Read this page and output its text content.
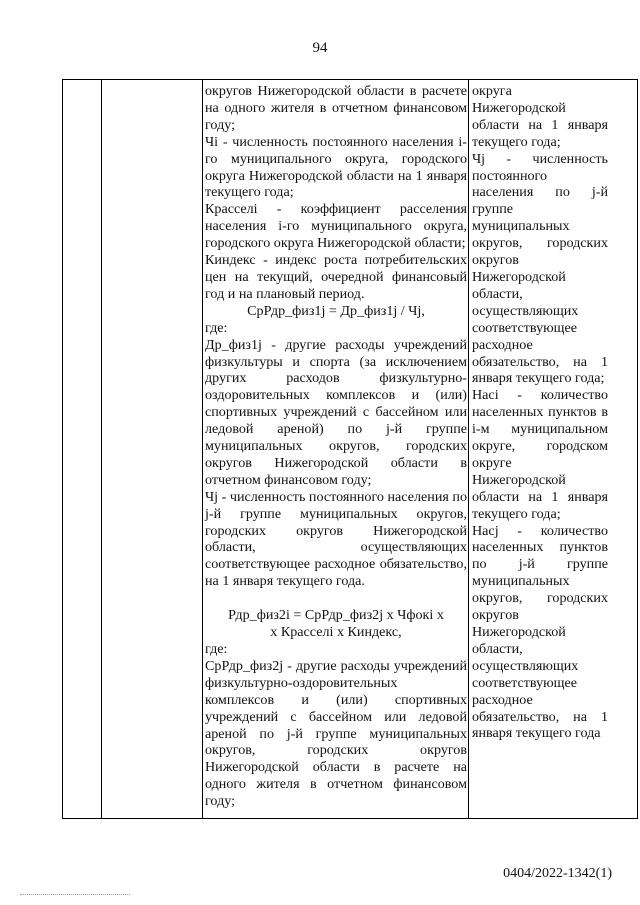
94

округов Нижегородской области в расчете на одного жителя в отчетном финансовом году;

Чi - численность постоянного населения i-го муниципального округа, городского округа Нижегородской области на 1 января текущего года;

Красселi - коэффициент расселения населения i-го муниципального округа, городского округа Нижегородской области;

Киндекс - индекс роста потребительских цен на текущий, очередной финансовый год и на плановый период.

СрРдр_физ1j = Др_физ1j / Чj,

где:

Др_физ1j - другие расходы учреждений физкультуры и спорта (за исключением других расходов физкультурно-оздоровительных комплексов и (или) спортивных учреждений с бассейном или ледовой ареной) по j-й группе муниципальных округов, городских округов Нижегородской области в отчетном финансовом году;

Чj - численность постоянного населения по j-й группе муниципальных округов, городских округов Нижегородской области, осуществляющих соответствующее расходное обязательство, на 1 января текущего года.

Рдр_физ2i = СрРдр_физ2j х Чфокi х

х Красселi х Киндекс,

где:

СрРдр_физ2j - другие расходы учреждений физкультурно-оздоровительных комплексов и (или) спортивных учреждений с бассейном или ледовой ареной по j-й группе муниципальных округов, городских округов Нижегородской области в расчете на одного жителя в отчетном финансовом году;

округа Нижегородской области на 1 января текущего года;

Чj - численность постоянного населения по j-й группе муниципальных округов, городских округов Нижегородской области, осуществляющих соответствующее расходное обязательство, на 1 января текущего года;

Насi - количество населенных пунктов в i-м муниципальном округе, городском округе Нижегородской области на 1 января текущего года;

Насj - количество населенных пунктов по j-й группе муниципальных округов, городских округов Нижегородской области, осуществляющих соответствующее расходное обязательство, на 1 января текущего года

0404/2022-1342(1)
